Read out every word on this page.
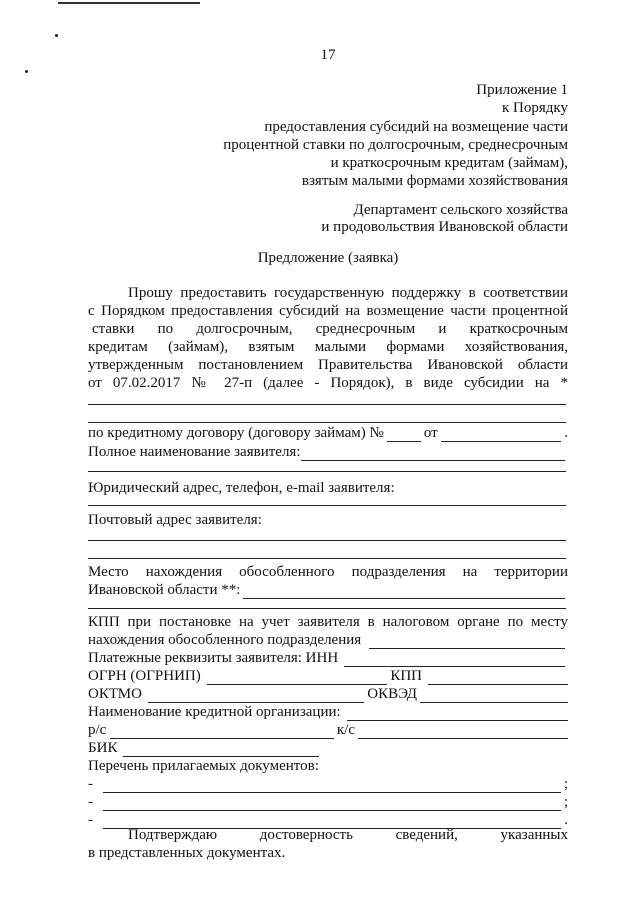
17
Приложение 1
к Порядку
предоставления субсидий на возмещение части
процентной ставки по долгосрочным, среднесрочным
и краткосрочным кредитам (займам),
взятым малыми формами хозяйствования
Департамент сельского хозяйства
и продовольствия Ивановской области
Предложение (заявка)
Прошу предоставить государственную поддержку в соответствии
с Порядком предоставления субсидий на возмещение части процентной
ставки по долгосрочным, среднесрочным и краткосрочным
кредитам (займам), взятым малыми формами хозяйствования,
утвержденным постановлением Правительства Ивановской области
от 07.02.2017 № 27-п (далее - Порядок), в виде субсидии на *
по кредитному договору (договору займам) №	от	.
Полное наименование заявителя:
Юридический адрес, телефон, e-mail заявителя:
Почтовый адрес заявителя:
Место нахождения обособленного подразделения на территории
Ивановской области **:
КПП при постановке на учет заявителя в налоговом органе по месту
нахождения обособленного подразделения
Платежные реквизиты заявителя: ИНН
ОГРН (ОГРНИП)	КПП
ОКТМО	ОКВЭД
Наименование кредитной организации:
р/с	к/с
БИК
Перечень прилагаемых документов:
-	;
-	;
-	.
Подтверждаю достоверность сведений, указанных
в представленных документах.
